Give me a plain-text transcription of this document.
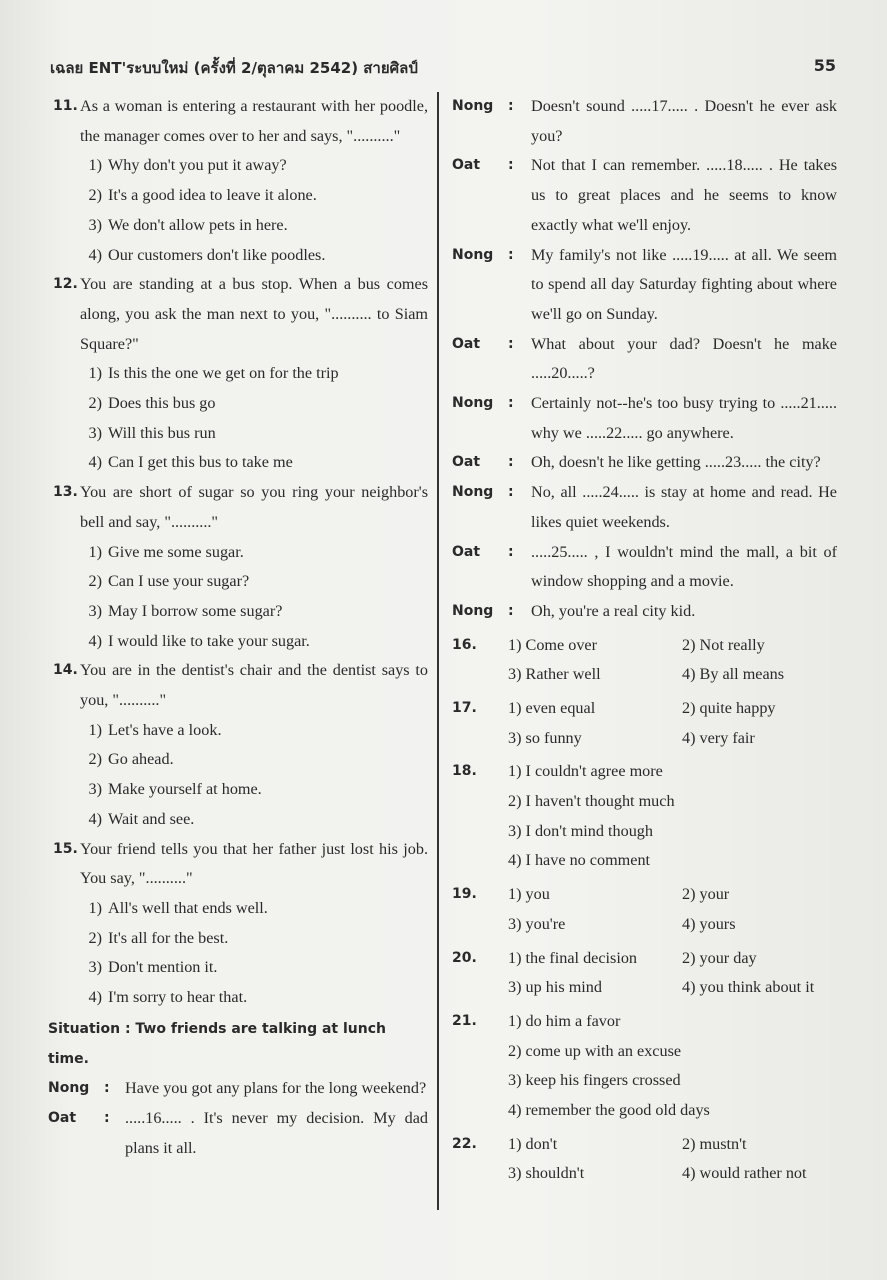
เฉลย ENT'ระบบใหม่ (ครั้งที่ 2/ตุลาคม 2542) สายศิลป์	55
11. As a woman is entering a restaurant with her poodle, the manager comes over to her and says, ".........."
1) Why don't you put it away?
2) It's a good idea to leave it alone.
3) We don't allow pets in here.
4) Our customers don't like poodles.
12. You are standing at a bus stop. When a bus comes along, you ask the man next to you, ".......... to Siam Square?"
1) Is this the one we get on for the trip
2) Does this bus go
3) Will this bus run
4) Can I get this bus to take me
13. You are short of sugar so you ring your neighbor's bell and say, ".........."
1) Give me some sugar.
2) Can I use your sugar?
3) May I borrow some sugar?
4) I would like to take your sugar.
14. You are in the dentist's chair and the dentist says to you, ".........."
1) Let's have a look.
2) Go ahead.
3) Make yourself at home.
4) Wait and see.
15. Your friend tells you that her father just lost his job. You say, ".........."
1) All's well that ends well.
2) It's all for the best.
3) Don't mention it.
4) I'm sorry to hear that.
Situation : Two friends are talking at lunch time.
Nong : Have you got any plans for the long weekend?
Oat : .....16..... . It's never my decision. My dad plans it all.
Nong : Doesn't sound .....17..... . Doesn't he ever ask you?
Oat : Not that I can remember. .....18..... . He takes us to great places and he seems to know exactly what we'll enjoy.
Nong : My family's not like .....19..... at all. We seem to spend all day Saturday fighting about where we'll go on Sunday.
Oat : What about your dad? Doesn't he make .....20.....?
Nong : Certainly not--he's too busy trying to .....21..... why we .....22..... go anywhere.
Oat : Oh, doesn't he like getting .....23..... the city?
Nong : No, all .....24..... is stay at home and read. He likes quiet weekends.
Oat : .....25..... , I wouldn't mind the mall, a bit of window shopping and a movie.
Nong : Oh, you're a real city kid.
16. 1) Come over	2) Not really
3) Rather well	4) By all means
17. 1) even equal	2) quite happy
3) so funny	4) very fair
18. 1) I couldn't agree more
2) I haven't thought much
3) I don't mind though
4) I have no comment
19. 1) you	2) your
3) you're	4) yours
20. 1) the final decision	2) your day
3) up his mind	4) you think about it
21. 1) do him a favor
2) come up with an excuse
3) keep his fingers crossed
4) remember the good old days
22. 1) don't	2) mustn't
3) shouldn't	4) would rather not
